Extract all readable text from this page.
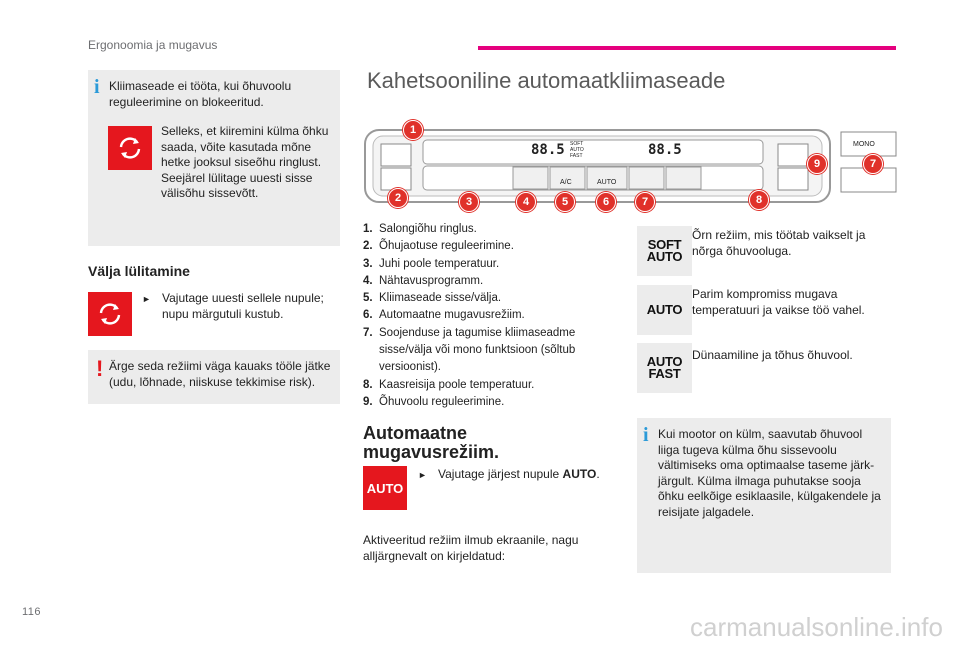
Ergonoomia ja mugavus
i Kliimaseade ei tööta, kui õhuvoolu reguleerimine on blokeeritud.
Selleks, et kiiremini külma õhku saada, võite kasutada mõne hetke jooksul siseõhu ringlust. Seejärel lülitage uuesti sisse välisõhu sissevõtt.
Välja lülitamine
► Vajutage uuesti sellele nupule; nupu märgutuli kustub.
! Ärge seda režiimi väga kauaks tööle jätke (udu, lõhnade, niiskuse tekkimise risk).
Kahetsooniline automaatkliimaseade
88.5 SOFT
AUTO
FAST	88.5
A/C	AUTO
MONO
1
2	3	4	5	6	7	8
9	7
1. Salongiõhu ringlus.
2. Õhujaotuse reguleerimine.
3. Juhi poole temperatuur.
4. Nähtavusprogramm.
5. Kliimaseade sisse/välja.
6. Automaatne mugavusrežiim.
7. Soojenduse ja tagumise kliimaseadme sisse/välja või mono funktsioon (sõltub versioonist).
8. Kaasreisija poole temperatuur.
9. Õhuvoolu reguleerimine.
SOFT
AUTO
Õrn režiim, mis töötab vaikselt ja nõrga õhuvooluga.
AUTO
Parim kompromiss mugava temperatuuri ja vaikse töö vahel.
AUTO
FAST
Dünaamiline ja tõhus õhuvool.
Automaatne
mugavusrežiim.
AUTO
► Vajutage järjest nupule AUTO.
Aktiveeritud režiim ilmub ekraanile, nagu alljärgnevalt on kirjeldatud:
i Kui mootor on külm, saavutab õhuvool liiga tugeva külma õhu sissevoolu vältimiseks oma optimaalse taseme järk-järgult. Külma ilmaga puhutakse sooja õhku eelkõige esiklaasile, külgakendele ja reisijate jalgadele.
116	carmanualsonline.info
